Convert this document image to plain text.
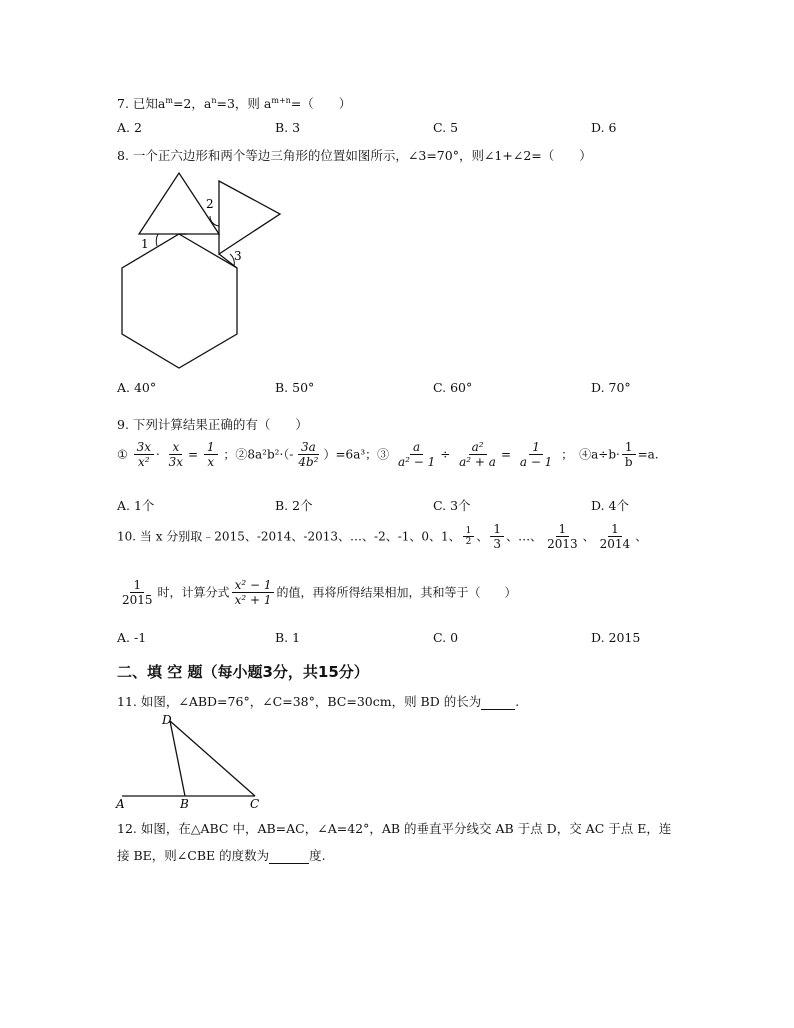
7. 已知$a^m=2$，$a^n=3$，则 $a^{m+n}=$（　　）
A. 2	B. 3	C. 5	D. 6
8. 一个正六边形和两个等边三角形的位置如图所示，∠3=70°，则∠1+∠2=（　　）
1
2
3
A. 40°	B. 50°	C. 60°	D. 70°
9. 下列计算结果正确的有（　　）
① $\frac{3x}{\text{x²}} \cdot \frac{x}{3x} = \frac{1}{x}$ ；②8a²b²·（- $\frac{3a}{\text{4b²}} )=6a^3$；③ $\frac{a}{\text{a² − 1}} \div \frac{\text{a²}}{\text{a² + a}} = \frac{1}{a - 1}$ ；　④a÷b· $\frac{1}{b} =a$.
A. 1个	B. 2个	C. 3个	D. 4个
10. 当 x 分别取﹣2015、-2014、-2013、…、-2、-1、0、1、 $\frac{1}{2}$ 、 $\frac{1}{3}$ 、…、 $\frac{1}{2013}$ 、 $\frac{1}{2014}$ 、
$\frac{1}{2015}$ 时，计算分式 $\frac{\text{x² − 1}}{\text{x² + 1}}$ 的值，再将所得结果相加，其和等于（　　）
A. -1	B. 1	C. 0	D. 2015
二、填 空 题（每小题3分，共15分）
11. 如图，∠ABD=76°，∠C=38°，BC=30cm，则 BD 的长为	.
D
A	B	C
12. 如图，在△ABC 中，AB=AC，∠A=42°，AB 的垂直平分线交 AB 于点 D，交 AC 于点 E，连
接 BE，则∠CBE 的度数为	度.
